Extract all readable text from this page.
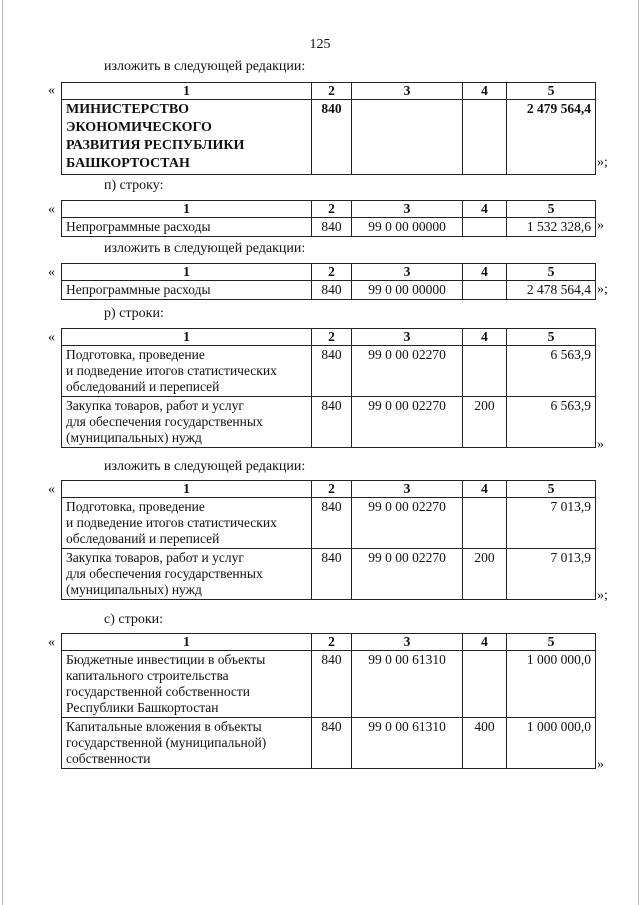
125
изложить в следующей редакции:
«	1	2	3	4	5
МИНИСТЕРСТВО ЭКОНОМИЧЕСКОГО РАЗВИТИЯ РЕСПУБЛИКИ БАШКОРТОСТАН	840			2 479 564,4
»;
п) строку:
«	1	2	3	4	5
Непрограммные расходы	840	99 0 00 00000		1 532 328,6 »
изложить в следующей редакции:
«	1	2	3	4	5
Непрограммные расходы	840	99 0 00 00000		2 478 564,4 »;
р) строки:
«	1	2	3	4	5
Подготовка, проведение
и подведение итогов статистических обследований и переписей	840	99 0 00 02270		6 563,9
Закупка товаров, работ и услуг
для обеспечения государственных (муниципальных) нужд	840	99 0 00 02270	200	6 563,9
»
изложить в следующей редакции:
«	1	2	3	4	5
Подготовка, проведение
и подведение итогов статистических обследований и переписей	840	99 0 00 02270		7 013,9
Закупка товаров, работ и услуг
для обеспечения государственных (муниципальных) нужд	840	99 0 00 02270	200	7 013,9
»;
с) строки:
«	1	2	3	4	5
Бюджетные инвестиции в объекты капитального строительства государственной собственности Республики Башкортостан	840	99 0 00 61310		1 000 000,0
Капитальные вложения в объекты государственной (муниципальной) собственности	840	99 0 00 61310	400	1 000 000,0
»
